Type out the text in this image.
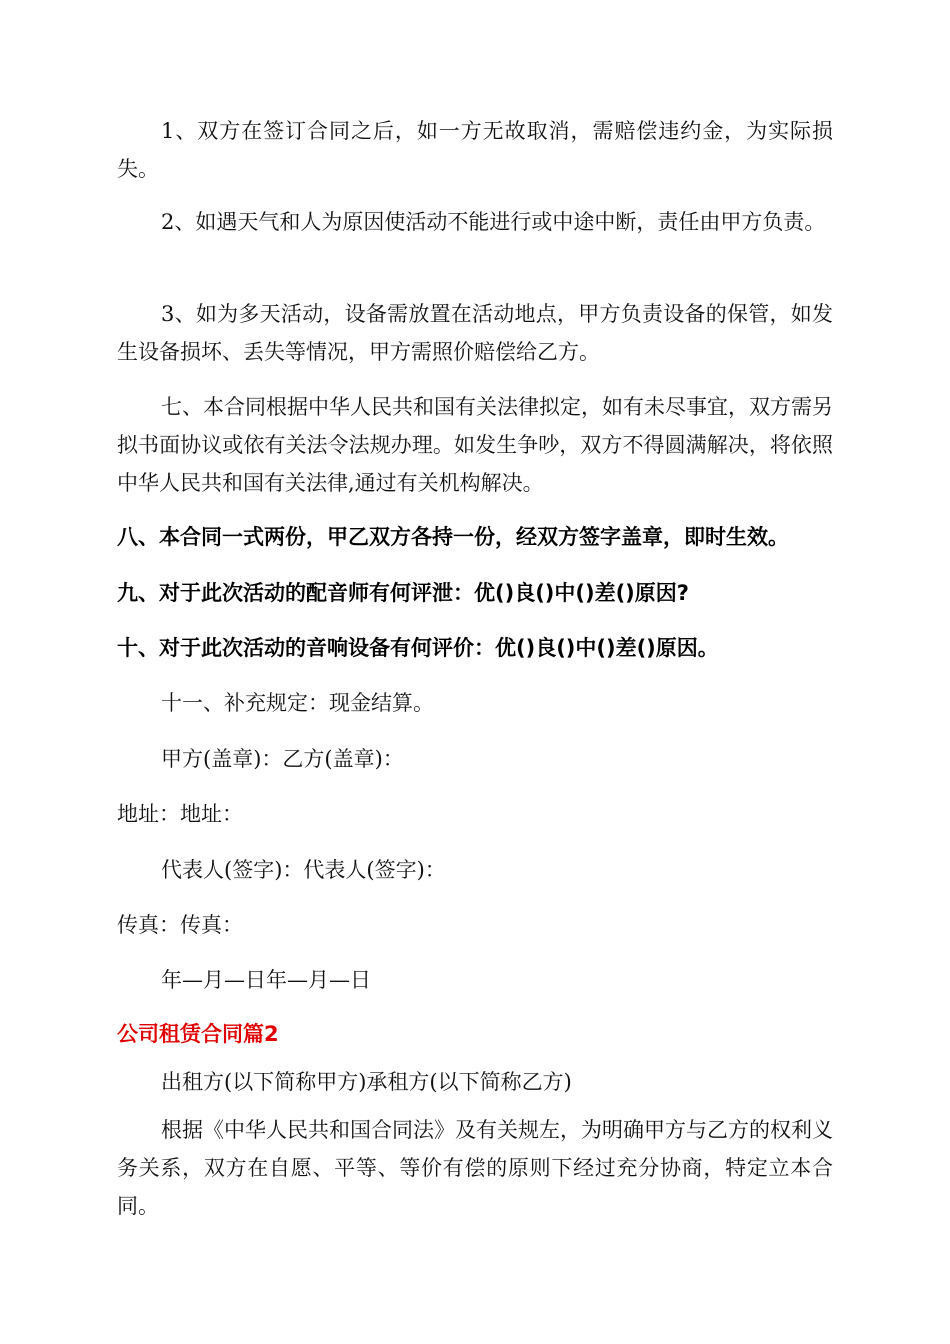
1、双方在签订合同之后，如一方无故取消，需赔偿违约金，为实际损失。

2、如遇天气和人为原因使活动不能进行或中途中断，责任由甲方负责。

3、如为多天活动，设备需放置在活动地点，甲方负责设备的保管，如发生设备损坏、丢失等情况，甲方需照价赔偿给乙方。

七、本合同根据中华人民共和国有关法律拟定，如有未尽事宜，双方需另拟书面协议或依有关法令法规办理。如发生争吵，双方不得圆满解决，将依照中华人民共和国有关法律,通过有关机构解决。

八、本合同一式两份，甲乙双方各持一份，经双方签字盖章，即时生效。

九、对于此次活动的配音师有何评泄：优()良()中()差()原因?

十、对于此次活动的音响设备有何评价：优()良()中()差()原因。

十一、补充规定：现金结算。

甲方(盖章)：乙方(盖章)：

地址：地址：

代表人(签字)：代表人(签字)：

传真：传真：

年—月—日年—月—日

公司租赁合同篇2

出租方(以下简称甲方)承租方(以下简称乙方)

根据《中华人民共和国合同法》及有关规左，为明确甲方与乙方的权利义务关系，双方在自愿、平等、等价有偿的原则下经过充分协商，特定立本合同。
